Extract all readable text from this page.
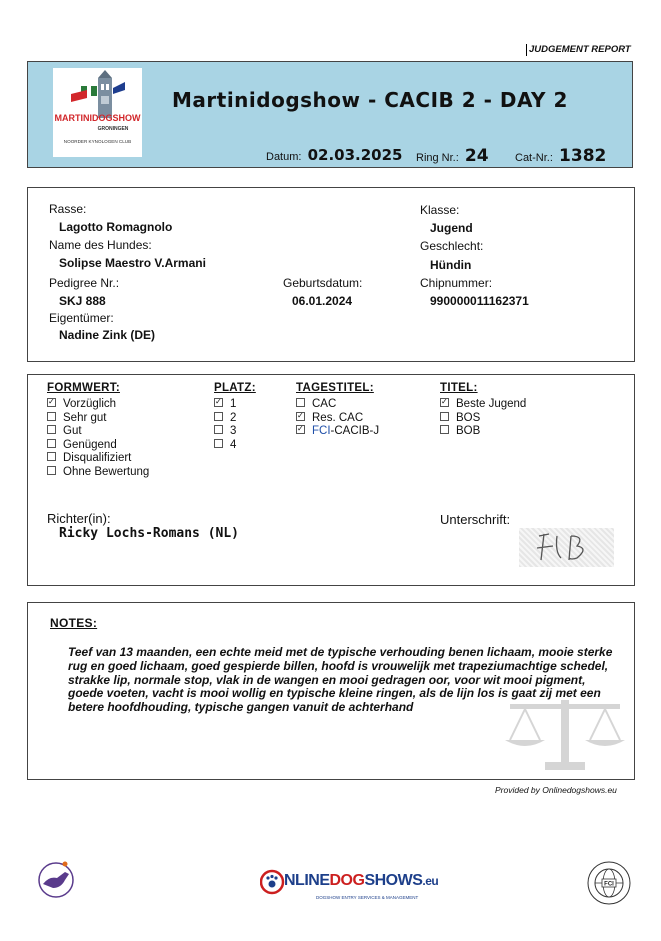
JUDGEMENT REPORT
MARTINIDOGSHOW
GRONINGEN
NOORDER KYNOLOGEN CLUB
Martinidogshow - CACIB 2 - DAY 2
Datum: 02.03.2025 Ring Nr.: 24 Cat-Nr.: 1382
Rasse:
Lagotto Romagnolo
Name des Hundes:
Solipse Maestro V.Armani
Pedigree Nr.:
SKJ 888
Eigentümer:
Nadine Zink (DE)
Geburtsdatum:
06.01.2024
Klasse:
Jugend
Geschlecht:
Hündin
Chipnummer:
990000011162371
FORMWERT:
✓Vorzüglich
Sehr gut
Gut
Genügend
Disqualifiziert
Ohne Bewertung
PLATZ:
✓1
2
3
4
TAGESTITEL:
CAC
✓Res. CAC
✓FCI-CACIB-J
TITEL:
✓Beste Jugend
BOS
BOB
Richter(in):
Ricky Lochs-Romans (NL)
Unterschrift:
NOTES:
Teef van 13 maanden, een echte meid met de typische verhouding benen lichaam, mooie sterke rug en goed lichaam, goed gespierde billen, hoofd is vrouwelijk met trapeziumachtige schedel, strakke lip, normale stop, vlak in de wangen en mooi gedragen oor, voor wit mooi pigment, goede voeten, vacht is mooi wollig en typische kleine ringen, als de lijn los is gaat zij met een betere hoofdhouding, typische gangen vanuit de achterhand
Provided by Onlinedogshows.eu
NLINEDOGSHOWS.eu
DOGSHOW ENTRY SERVICES & MANAGEMENT
FCI
